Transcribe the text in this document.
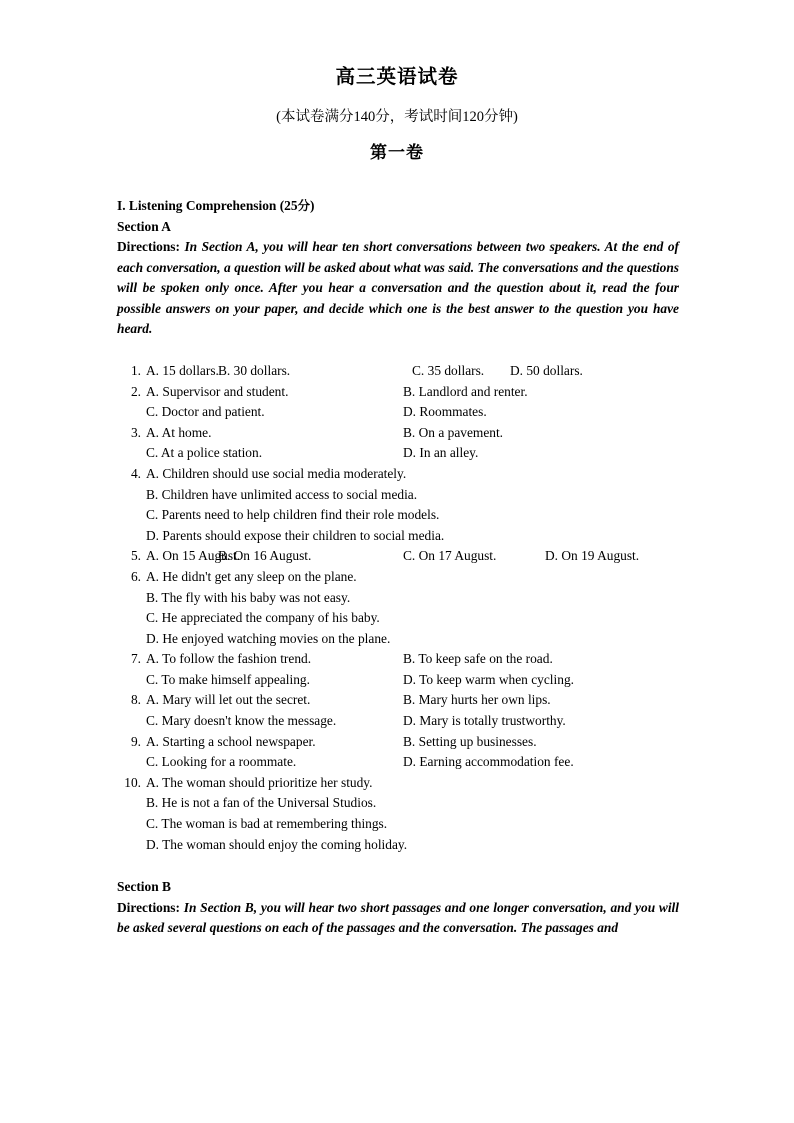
高三英语试卷
(本试卷满分140分，考试时间120分钟)
第一卷
I. Listening Comprehension (25分)
Section A
Directions: In Section A, you will hear ten short conversations between two speakers. At the end of each conversation, a question will be asked about what was said. The conversations and the questions will be spoken only once. After you hear a conversation and the question about it, read the four possible answers on your paper, and decide which one is the best answer to the question you have heard.
1. A. 15 dollars. B. 30 dollars.	C. 35 dollars. D. 50 dollars.
2. A. Supervisor and student.	B. Landlord and renter.
C. Doctor and patient.	D. Roommates.
3. A. At home.	B. On a pavement.
C. At a police station.	D. In an alley.
4. A. Children should use social media moderately.
B. Children have unlimited access to social media.
C. Parents need to help children find their role models.
D. Parents should expose their children to social media.
5. A. On 15 August.
B. On 16 August.	C. On 17 August.	D. On 19 August.
6. A. He didn't get any sleep on the plane.
B. The fly with his baby was not easy.
C. He appreciated the company of his baby.
D. He enjoyed watching movies on the plane.
7. A. To follow the fashion trend.	B. To keep safe on the road.
C. To make himself appealing.	D. To keep warm when cycling.
8. A. Mary will let out the secret.	B. Mary hurts her own lips.
C. Mary doesn't know the message.	D. Mary is totally trustworthy.
9. A. Starting a school newspaper.	B. Setting up businesses.
C. Looking for a roommate.	D. Earning accommodation fee.
10. A. The woman should prioritize her study.
B. He is not a fan of the Universal Studios.
C. The woman is bad at remembering things.
D. The woman should enjoy the coming holiday.
Section B
Directions: In Section B, you will hear two short passages and one longer conversation, and you will be asked several questions on each of the passages and the conversation. The passages and
